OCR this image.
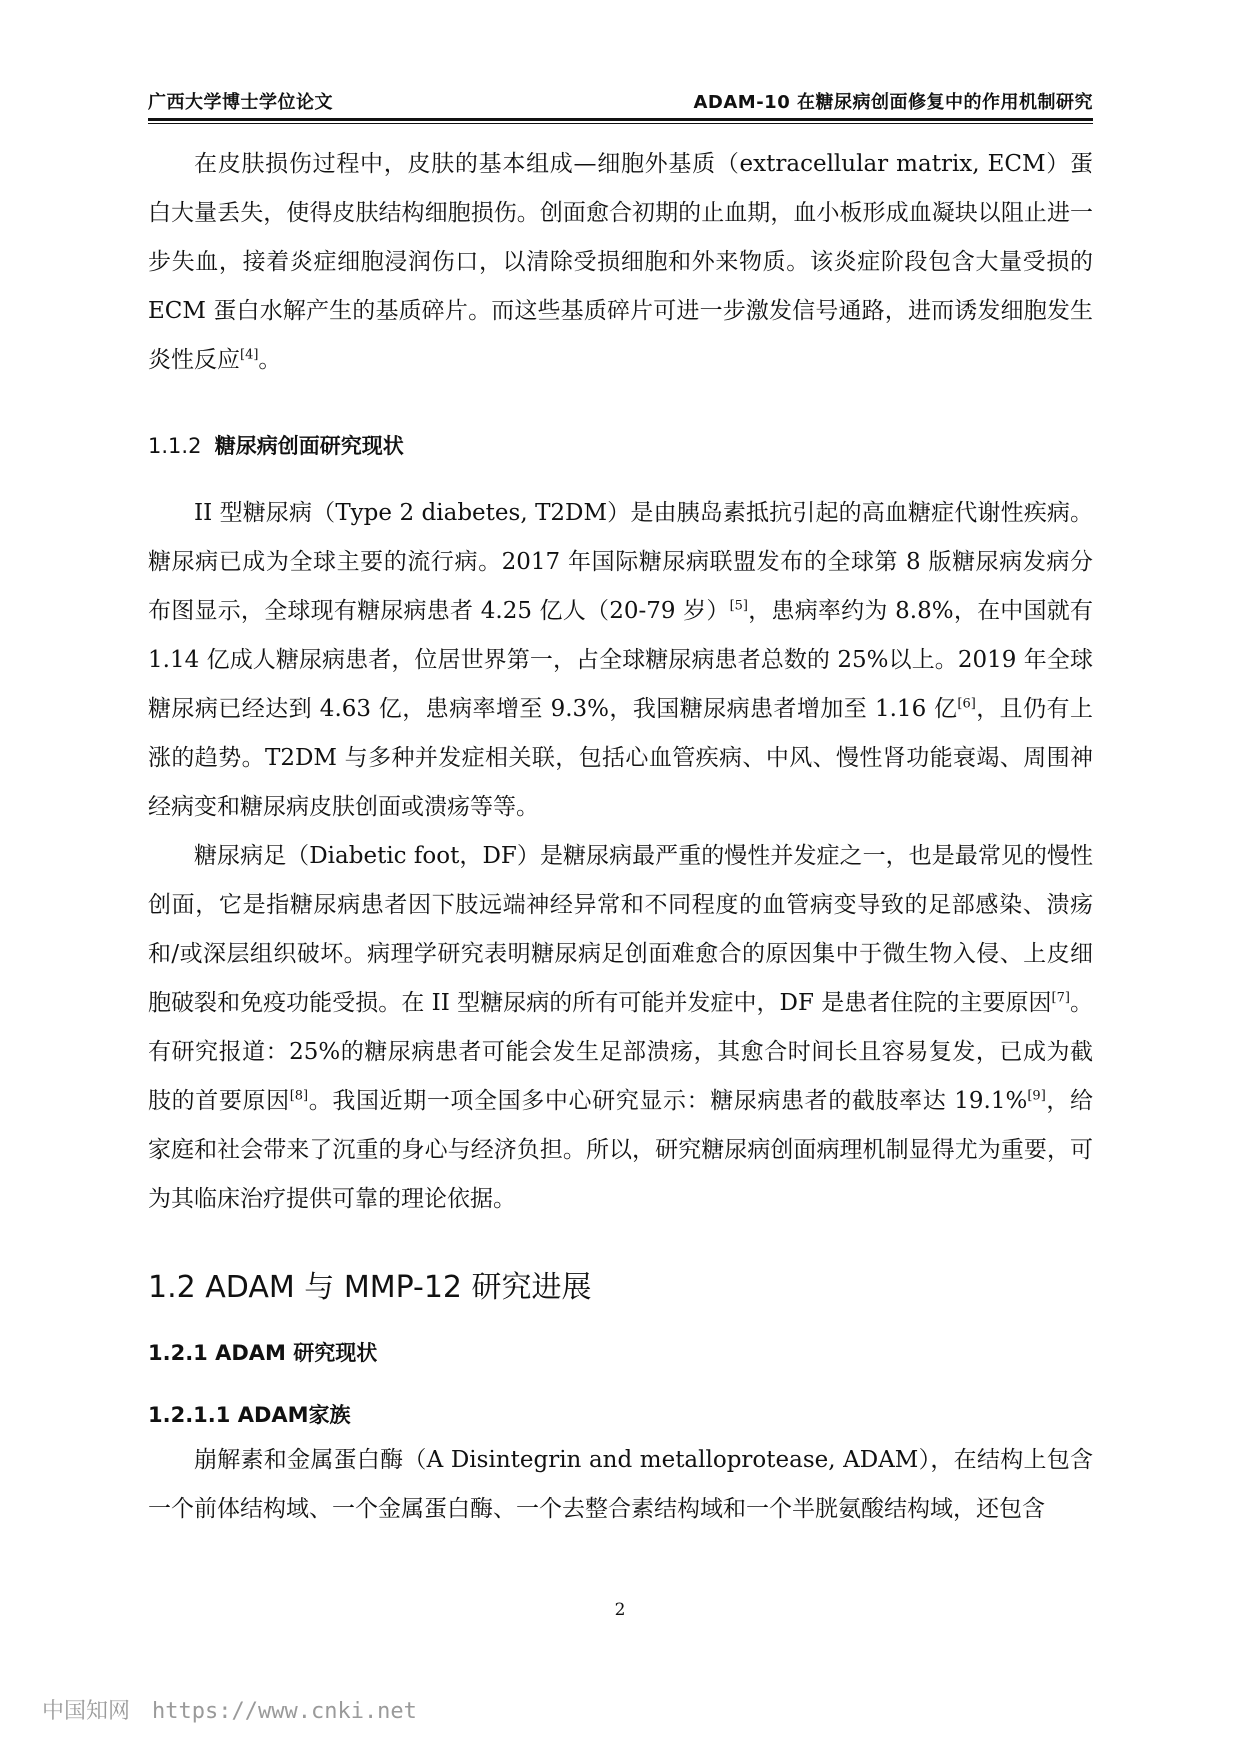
广西大学博士学位论文	ADAM-10 在糖尿病创面修复中的作用机制研究

在皮肤损伤过程中，皮肤的基本组成—细胞外基质（extracellular matrix, ECM）蛋白大量丢失，使得皮肤结构细胞损伤。创面愈合初期的止血期，血小板形成血凝块以阻止进一步失血，接着炎症细胞浸润伤口，以清除受损细胞和外来物质。该炎症阶段包含大量受损的 ECM 蛋白水解产生的基质碎片。而这些基质碎片可进一步激发信号通路，进而诱发细胞发生炎性反应[4]。

1.1.2 糖尿病创面研究现状

II 型糖尿病（Type 2 diabetes, T2DM）是由胰岛素抵抗引起的高血糖症代谢性疾病。糖尿病已成为全球主要的流行病。2017 年国际糖尿病联盟发布的全球第 8 版糖尿病发病分布图显示，全球现有糖尿病患者 4.25 亿人（20-79 岁）[5]，患病率约为 8.8%，在中国就有 1.14 亿成人糖尿病患者，位居世界第一，占全球糖尿病患者总数的 25%以上。2019 年全球糖尿病已经达到 4.63 亿，患病率增至 9.3%，我国糖尿病患者增加至 1.16 亿[6]，且仍有上涨的趋势。T2DM 与多种并发症相关联，包括心血管疾病、中风、慢性肾功能衰竭、周围神经病变和糖尿病皮肤创面或溃疡等等。

糖尿病足（Diabetic foot，DF）是糖尿病最严重的慢性并发症之一，也是最常见的慢性创面，它是指糖尿病患者因下肢远端神经异常和不同程度的血管病变导致的足部感染、溃疡和/或深层组织破坏。病理学研究表明糖尿病足创面难愈合的原因集中于微生物入侵、上皮细胞破裂和免疫功能受损。在 II 型糖尿病的所有可能并发症中，DF 是患者住院的主要原因[7]。有研究报道：25%的糖尿病患者可能会发生足部溃疡，其愈合时间长且容易复发，已成为截肢的首要原因[8]。我国近期一项全国多中心研究显示：糖尿病患者的截肢率达 19.1%[9]，给家庭和社会带来了沉重的身心与经济负担。所以，研究糖尿病创面病理机制显得尤为重要，可为其临床治疗提供可靠的理论依据。

1.2 ADAM 与 MMP-12 研究进展
1.2.1 ADAM 研究现状
1.2.1.1 ADAM家族

崩解素和金属蛋白酶（A Disintegrin and metalloprotease, ADAM），在结构上包含一个前体结构域、一个金属蛋白酶、一个去整合素结构域和一个半胱氨酸结构域，还包含

2
中国知网 https://www.cnki.net
